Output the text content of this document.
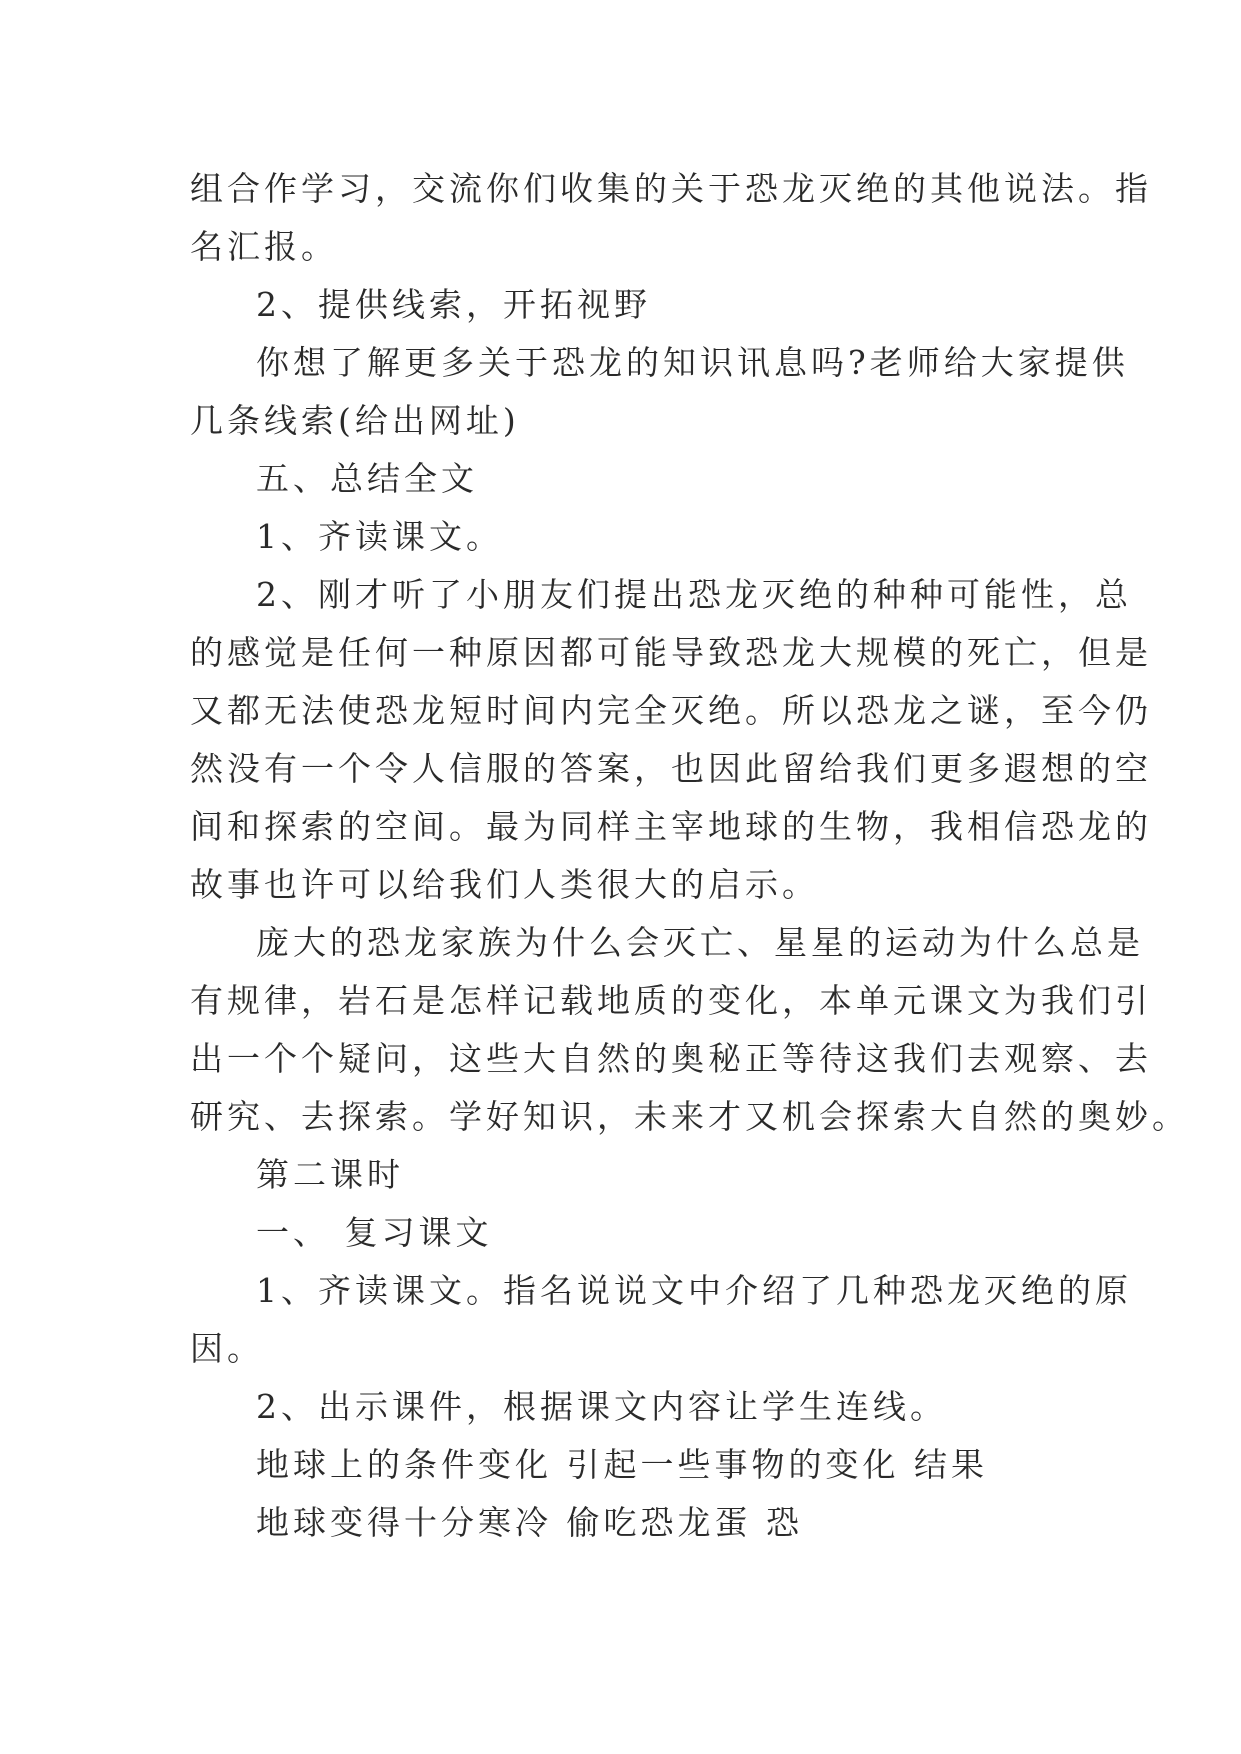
组合作学习，交流你们收集的关于恐龙灭绝的其他说法。指
名汇报。
2、提供线索，开拓视野
你想了解更多关于恐龙的知识讯息吗?老师给大家提供
几条线索(给出网址)
五、总结全文
1、齐读课文。
2、刚才听了小朋友们提出恐龙灭绝的种种可能性，总
的感觉是任何一种原因都可能导致恐龙大规模的死亡，但是
又都无法使恐龙短时间内完全灭绝。所以恐龙之谜，至今仍
然没有一个令人信服的答案，也因此留给我们更多遐想的空
间和探索的空间。最为同样主宰地球的生物，我相信恐龙的
故事也许可以给我们人类很大的启示。
庞大的恐龙家族为什么会灭亡、星星的运动为什么总是
有规律，岩石是怎样记载地质的变化，本单元课文为我们引
出一个个疑问，这些大自然的奥秘正等待这我们去观察、去
研究、去探索。学好知识，未来才又机会探索大自然的奥妙。
第二课时
一、 复习课文
1、齐读课文。指名说说文中介绍了几种恐龙灭绝的原
因。
2、出示课件，根据课文内容让学生连线。
地球上的条件变化 引起一些事物的变化 结果
地球变得十分寒冷 偷吃恐龙蛋 恐
